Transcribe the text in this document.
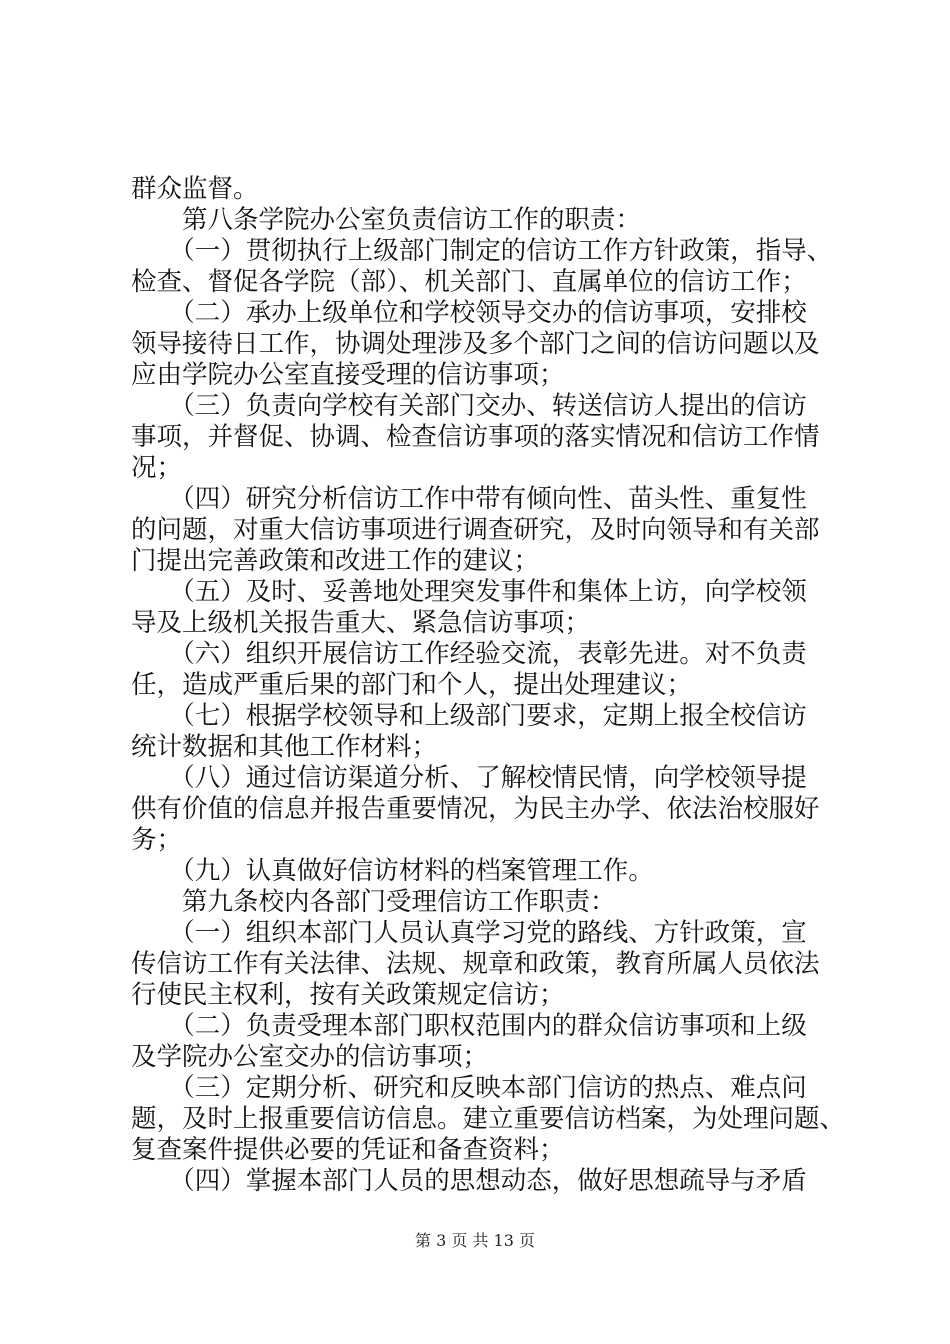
群众监督。
　　第八条学院办公室负责信访工作的职责：
　　（一）贯彻执行上级部门制定的信访工作方针政策，指导、
检查、督促各学院（部）、机关部门、直属单位的信访工作；
　　（二）承办上级单位和学校领导交办的信访事项，安排校
领导接待日工作，协调处理涉及多个部门之间的信访问题以及
应由学院办公室直接受理的信访事项；
　　（三）负责向学校有关部门交办、转送信访人提出的信访
事项，并督促、协调、检查信访事项的落实情况和信访工作情
况；
　　（四）研究分析信访工作中带有倾向性、苗头性、重复性
的问题，对重大信访事项进行调查研究，及时向领导和有关部
门提出完善政策和改进工作的建议；
　　（五）及时、妥善地处理突发事件和集体上访，向学校领
导及上级机关报告重大、紧急信访事项；
　　（六）组织开展信访工作经验交流，表彰先进。对不负责
任，造成严重后果的部门和个人，提出处理建议；
　　（七）根据学校领导和上级部门要求，定期上报全校信访
统计数据和其他工作材料；
　　（八）通过信访渠道分析、了解校情民情，向学校领导提
供有价值的信息并报告重要情况，为民主办学、依法治校服好
务；
　　（九）认真做好信访材料的档案管理工作。
　　第九条校内各部门受理信访工作职责：
　　（一）组织本部门人员认真学习党的路线、方针政策，宣
传信访工作有关法律、法规、规章和政策，教育所属人员依法
行使民主权利，按有关政策规定信访；
　　（二）负责受理本部门职权范围内的群众信访事项和上级
及学院办公室交办的信访事项；
　　（三）定期分析、研究和反映本部门信访的热点、难点问
题，及时上报重要信访信息。建立重要信访档案，为处理问题、
复查案件提供必要的凭证和备查资料；
　　（四）掌握本部门人员的思想动态，做好思想疏导与矛盾
第 3 页 共 13 页
